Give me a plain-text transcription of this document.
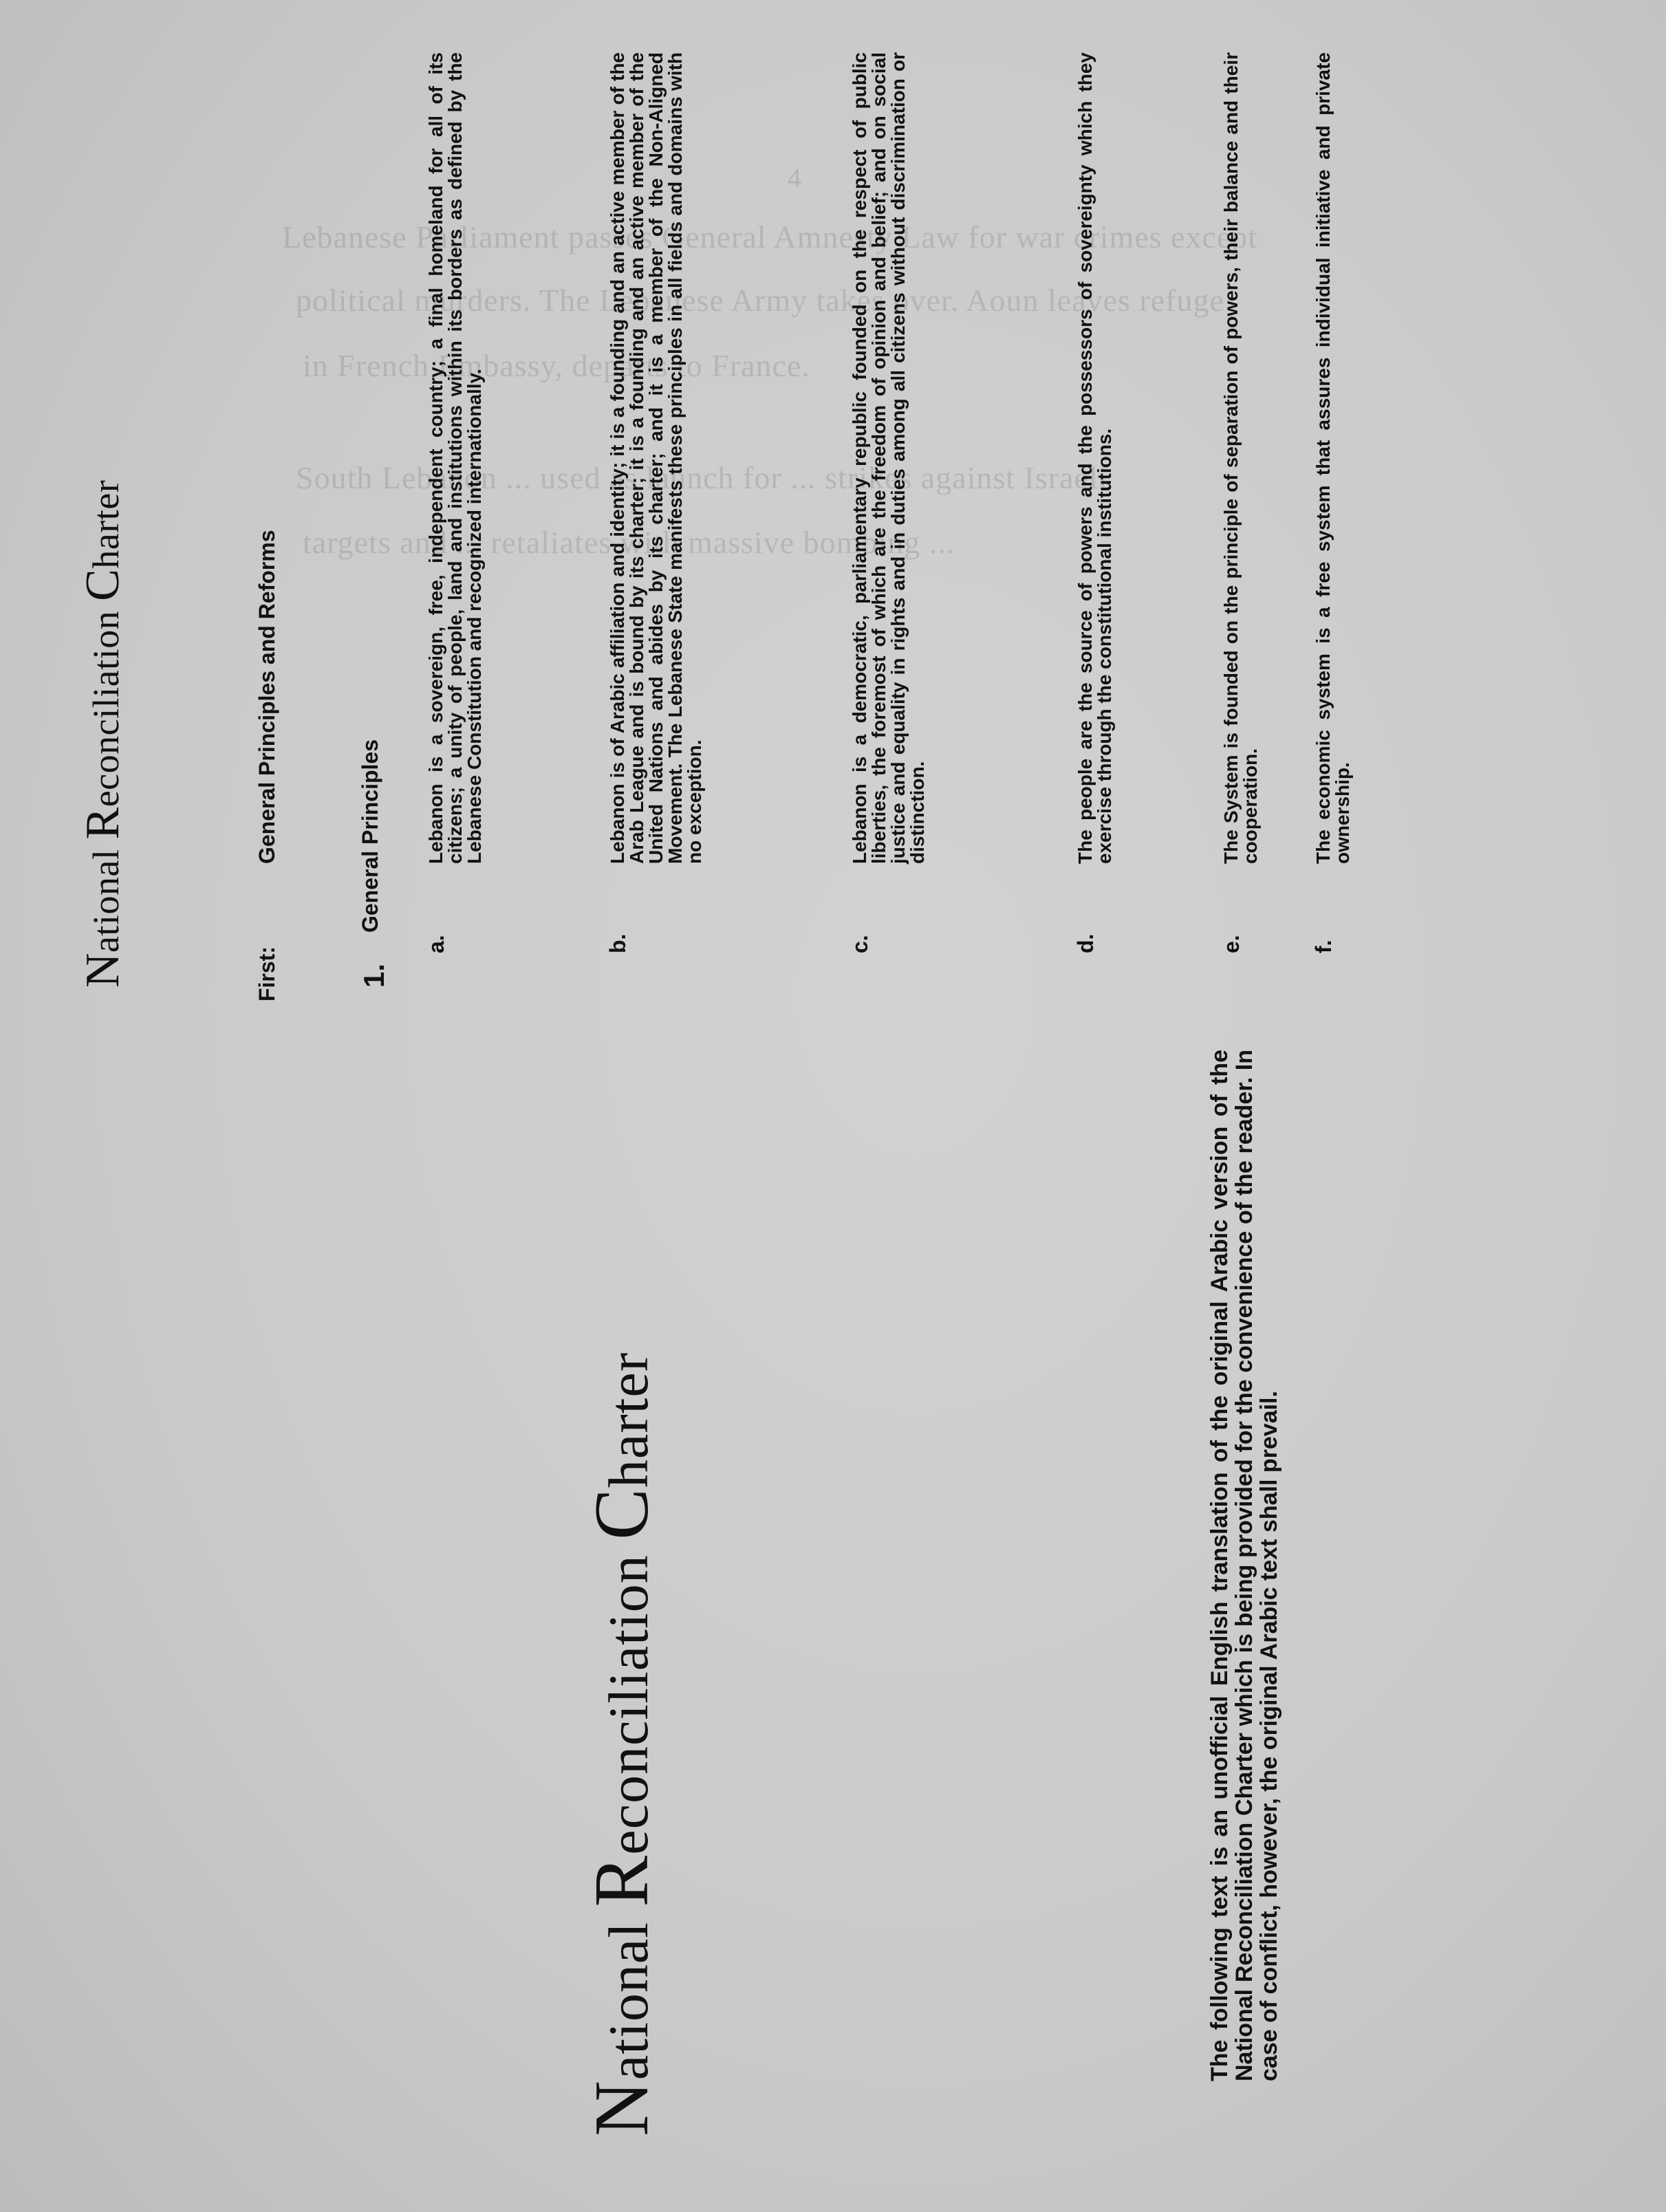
4
Lebanese Parliament passes General Amnesty Law for war crimes except
political murders. The Lebanese Army takes over. Aoun leaves refuge
in French Embassy, departs to France.
South Lebanon ... used as launch for ... strikes against Israeli
targets and ... retaliates with massive bombing ...
National Reconciliation Charter	The following text is an unofficial English translation of the original Arabic version of the National Reconciliation Charter which is being provided for the convenience of the reader. In case of conflict, however, the original Arabic text shall prevail.
National Reconciliation Charter
First:
General Principles and Reforms
1.
General Principles
a.
Lebanon is a sovereign, free, independent country; a final homeland for all of its citizens; a unity of people, land and institutions within its borders as defined by the Lebanese Constitution and recognized internationally.
b.
Lebanon is of Arabic affiliation and identity; it is a founding and an active member of the Arab League and is bound by its charter; it is a founding and an active member of the United Nations and abides by its charter; and it is a member of the Non-Aligned Movement. The Lebanese State manifests these principles in all fields and domains with no exception.
c.
Lebanon is a democratic, parliamentary republic founded on the respect of public liberties, the foremost of which are the freedom of opinion and belief; and on social justice and equality in rights and in duties among all citizens without discrimination or distinction.
d.
The people are the source of powers and the possessors of sovereignty which they exercise through the constitutional institutions.
e.
The System is founded on the principle of separation of powers, their balance and their cooperation.
f.
The economic system is a free system that assures individual initiative and private ownership.
